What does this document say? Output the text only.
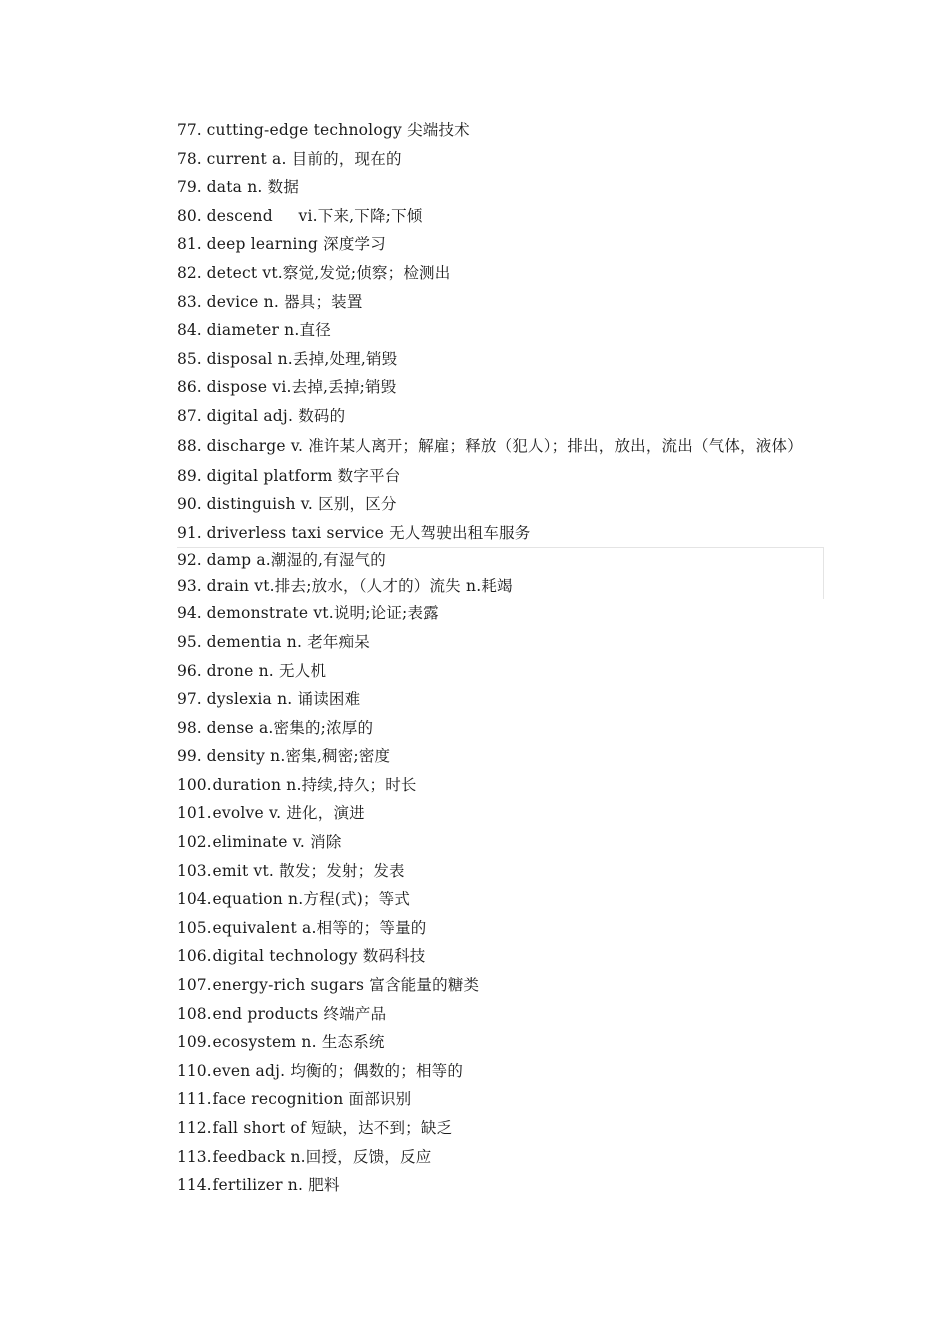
77. cutting-edge technology 尖端技术
78. current a. 目前的，现在的
79. data n. 数据
80. descend     vi.下来,下降;下倾
81. deep learning 深度学习
82. detect vt.察觉,发觉;侦察；检测出
83. device n. 器具；装置
84. diameter n.直径
85. disposal n.丢掉,处理,销毁
86. dispose vi.去掉,丢掉;销毁
87. digital adj. 数码的
88. discharge v. 准许某人离开；解雇；释放（犯人）；排出，放出，流出（气体，液体）
89. digital platform 数字平台
90. distinguish v. 区别，区分
91. driverless taxi service 无人驾驶出租车服务
92. damp a.潮湿的,有湿气的
93. drain vt.排去;放水，（人才的）流失 n.耗竭
94. demonstrate vt.说明;论证;表露
95. dementia n. 老年痴呆
96. drone n. 无人机
97. dyslexia n. 诵读困难
98. dense a.密集的;浓厚的
99. density n.密集,稠密;密度
100. duration n.持续,持久；时长
101. evolve v. 进化，演进
102. eliminate v. 消除
103. emit vt. 散发；发射；发表
104. equation n.方程(式)；等式
105. equivalent a.相等的；等量的
106. digital technology 数码科技
107. energy-rich sugars 富含能量的糖类
108. end products 终端产品
109. ecosystem n. 生态系统
110. even adj. 均衡的；偶数的；相等的
111. face recognition 面部识别
112. fall short of 短缺，达不到；缺乏
113. feedback n.回授，反馈，反应
114. fertilizer n. 肥料
